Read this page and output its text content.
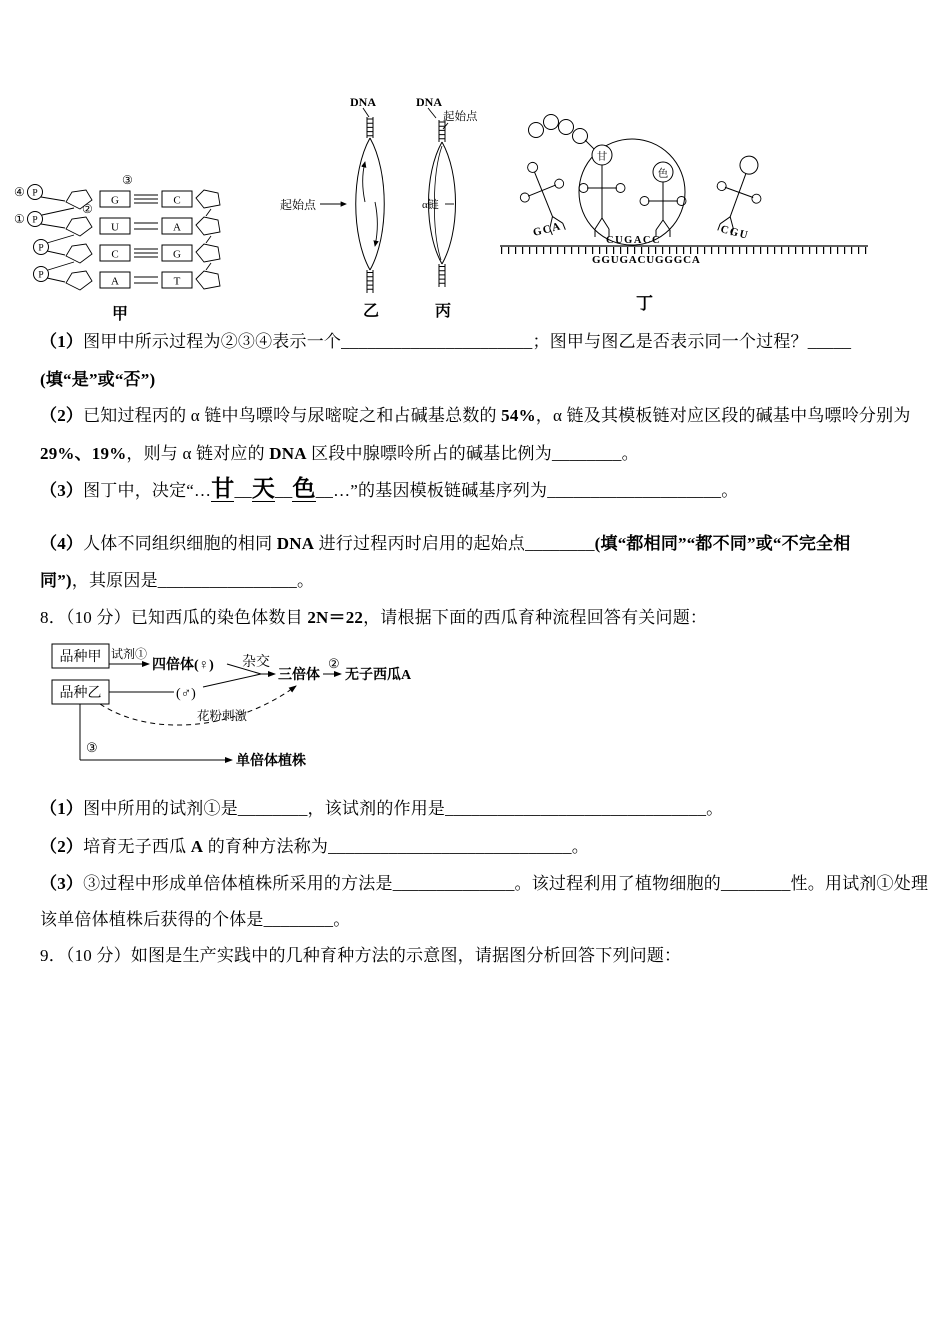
P
P
P
P
④
①
②
③
G	C
U	A
C	G
A	T
甲
DNA
起始点
乙
DNA
起始点
α链
丙
甘
色
GCA	CGU
CUGACC
GGUGACUGGGCA
丁
（1）图甲中所示过程为②③④表示一个______________________；图甲与图乙是否表示同一个过程？_____
(填“是”或“否”)
（2）已知过程丙的 α 链中鸟嘌呤与尿嘧啶之和占碱基总数的 54%，α 链及其模板链对应区段的碱基中鸟嘌呤分别为
29%、19%，则与 α 链对应的 DNA 区段中腺嘌呤所占的碱基比例为________。
（3）图丁中，决定“…甘__天__色__…”的基因模板链碱基序列为____________________。
（4）人体不同组织细胞的相同 DNA 进行过程丙时启用的起始点________(填“都相同”“都不同”或“不完全相
同”)，其原因是________________。
8．（10 分）已知西瓜的染色体数目 2N＝22，请根据下面的西瓜育种流程回答有关问题：
品种甲
品种乙
试剂①
四倍体(♀)
(♂)
杂交
三倍体
②
无子西瓜A
花粉刺激
③
单倍体植株
（1）图中所用的试剂①是________，该试剂的作用是______________________________。
（2）培育无子西瓜 A 的育种方法称为____________________________。
（3）③过程中形成单倍体植株所采用的方法是______________。该过程利用了植物细胞的________性。用试剂①处理
该单倍体植株后获得的个体是________。
9．（10 分）如图是生产实践中的几种育种方法的示意图，请据图分析回答下列问题：
